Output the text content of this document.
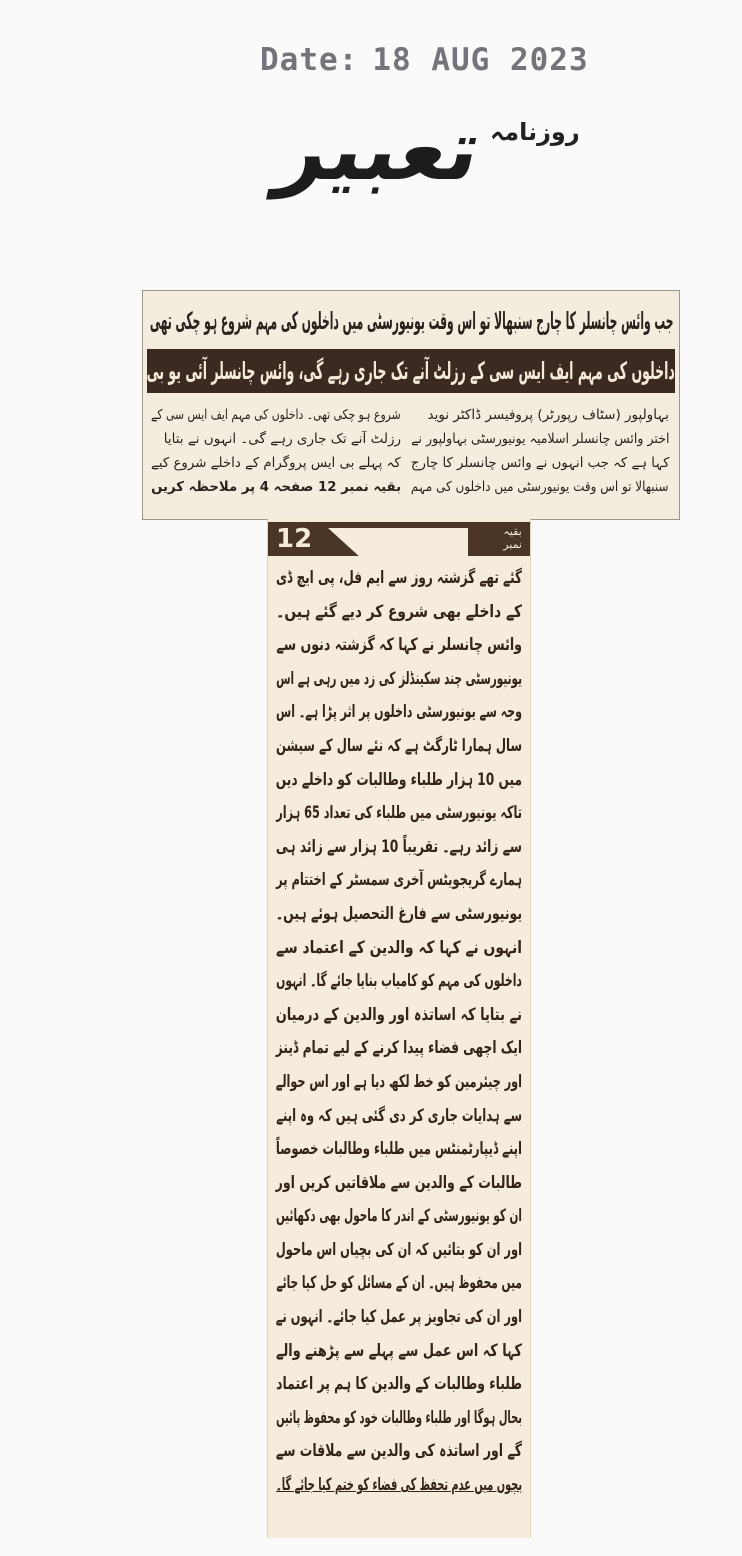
Date: 18 AUG 2023
روزنامہ
تعبیر
جب وائس چانسلر کا چارج سنبھالا تو اس وقت یونیورسٹی میں داخلوں کی مہم شروع ہو چکی تھی
داخلوں کی مہم ایف ایس سی کے رزلٹ آنے تک جاری رہے گی، وائس چانسلر آئی یو بی
بہاولپور (سٹاف رپورٹر) پروفیسر ڈاکٹر نوید
اختر وائس چانسلر اسلامیہ یونیورسٹی بہاولپور نے
کہا ہے کہ جب انہوں نے وائس چانسلر کا چارج
سنبھالا تو اس وقت یونیورسٹی میں داخلوں کی مہم
شروع ہو چکی تھی۔ داخلوں کی مہم ایف ایس سی کے
رزلٹ آنے تک جاری رہے گی۔ انہوں نے بتایا
کہ پہلے بی ایس پروگرام کے داخلے شروع کیے
بقیہ نمبر 12 صفحہ 4 پر ملاحظہ کریں
12	بقیہ
نمبر
گئے تھے گزشتہ روز سے ایم فل، پی ایچ ڈی
کے داخلے بھی شروع کر دیے گئے ہیں۔
وائس چانسلر نے کہا کہ گزشتہ دنوں سے
یونیورسٹی چند سکینڈلز کی زد میں رہی ہے اس
وجہ سے یونیورسٹی داخلوں پر اثر پڑا ہے۔ اس
سال ہمارا ٹارگٹ ہے کہ نئے سال کے سیشن
میں 10 ہزار طلباء وطالبات کو داخلے دیں
تاکہ یونیورسٹی میں طلباء کی تعداد 65 ہزار
سے زائد رہے۔ تقریباً 10 ہزار سے زائد ہی
ہمارے گریجویٹس آخری سمسٹر کے اختتام پر
یونیورسٹی سے فارغ التحصیل ہوئے ہیں۔
انہوں نے کہا کہ والدین کے اعتماد سے
داخلوں کی مہم کو کامیاب بنایا جائے گا۔ انہوں
نے بتایا کہ اساتذہ اور والدین کے درمیان
ایک اچھی فضاء پیدا کرنے کے لیے تمام ڈینز
اور چیئرمین کو خط لکھ دیا ہے اور اس حوالے
سے ہدایات جاری کر دی گئی ہیں کہ وہ اپنے
اپنے ڈیپارٹمنٹس میں طلباء وطالبات خصوصاً
طالبات کے والدین سے ملاقاتیں کریں اور
ان کو یونیورسٹی کے اندر کا ماحول بھی دکھائیں
اور ان کو بتائیں کہ ان کی بچیاں اس ماحول
میں محفوظ ہیں۔ ان کے مسائل کو حل کیا جائے
اور ان کی تجاویز پر عمل کیا جائے۔ انہوں نے
کہا کہ اس عمل سے پہلے سے پڑھنے والے
طلباء وطالبات کے والدین کا ہم پر اعتماد
بحال ہوگا اور طلباء وطالبات خود کو محفوظ پائیں
گے اور اساتذہ کی والدین سے ملاقات سے
بچوں میں عدم تحفظ کی فضاء کو ختم کیا جائے گا۔
